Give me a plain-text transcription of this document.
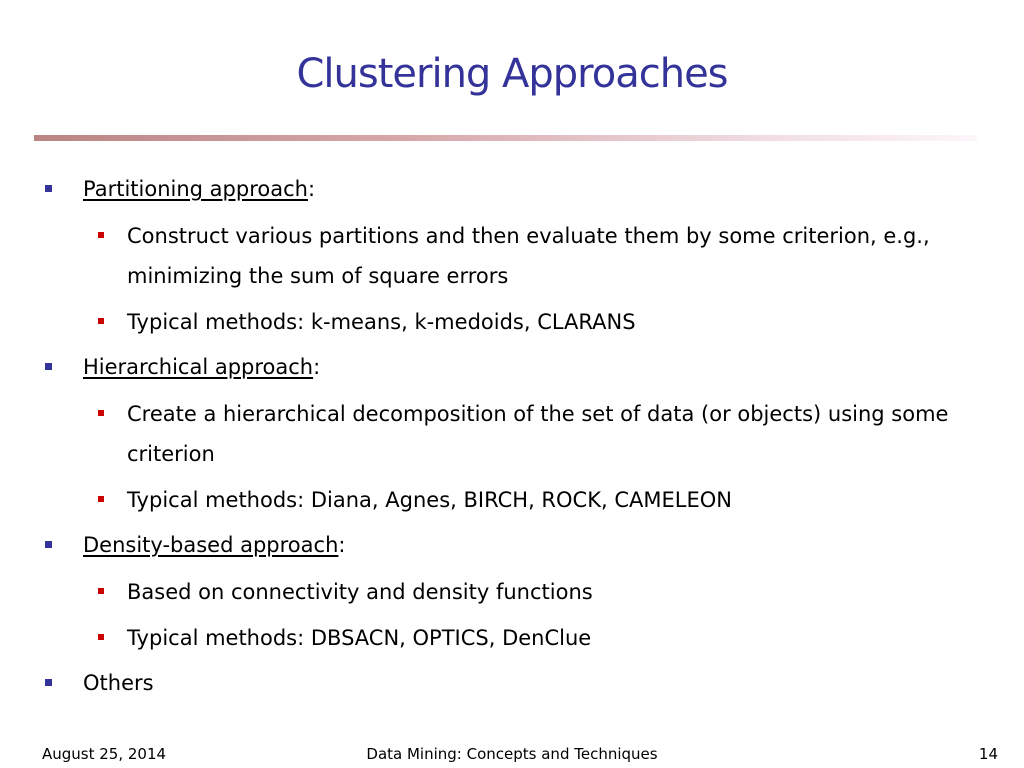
Clustering Approaches
Partitioning approach:
Construct various partitions and then evaluate them by some criterion, e.g., minimizing the sum of square errors
Typical methods: k-means, k-medoids, CLARANS
Hierarchical approach:
Create a hierarchical decomposition of the set of data (or objects) using some criterion
Typical methods: Diana, Agnes, BIRCH, ROCK, CAMELEON
Density-based approach:
Based on connectivity and density functions
Typical methods: DBSACN, OPTICS, DenClue
Others
August 25, 2014	Data Mining: Concepts and Techniques	14
